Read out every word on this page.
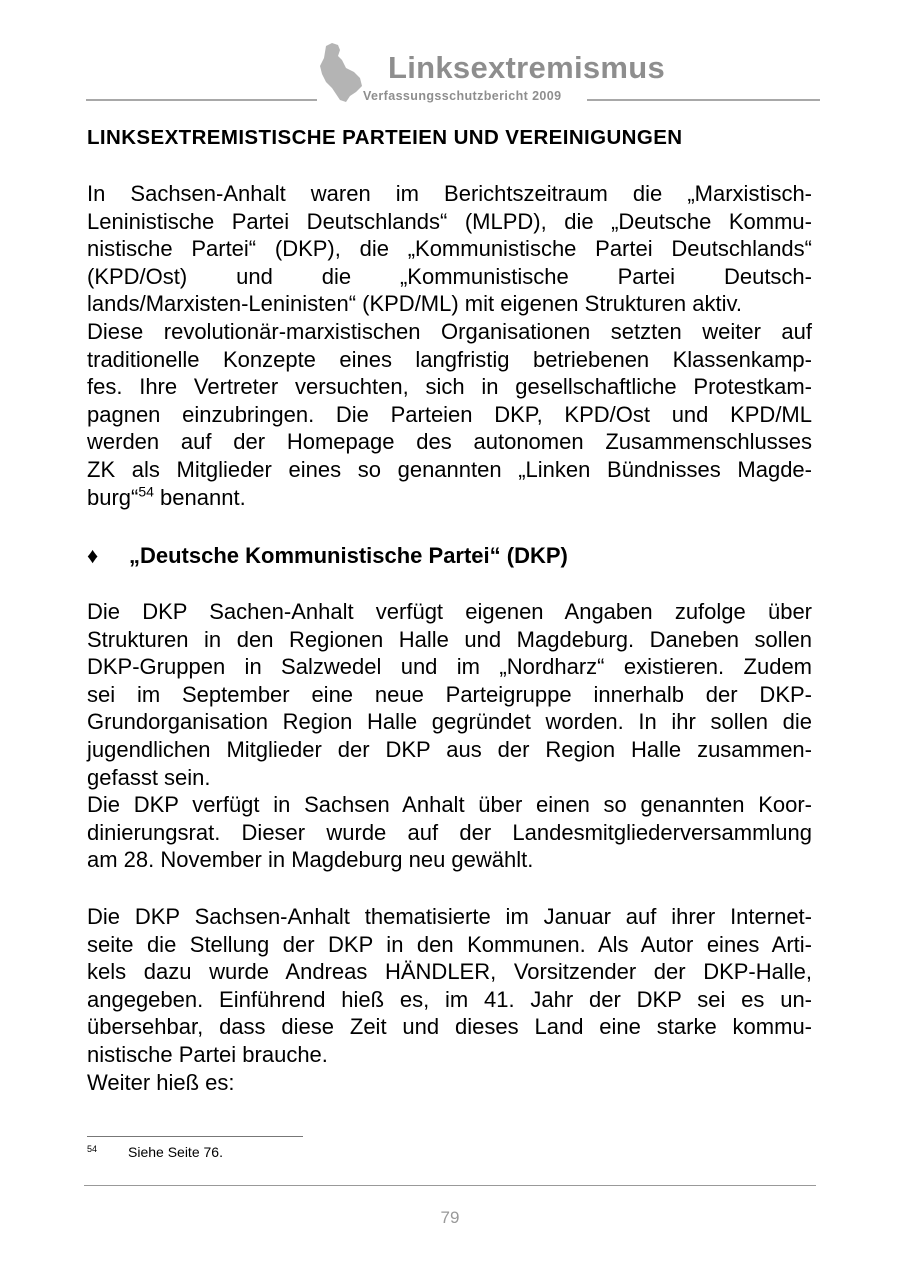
Linksextremismus
Verfassungsschutzbericht 2009
LINKSEXTREMISTISCHE PARTEIEN UND VEREINIGUNGEN
In Sachsen-Anhalt waren im Berichtszeitraum die „Marxistisch-
Leninistische Partei Deutschlands“ (MLPD), die „Deutsche Kommu-
nistische Partei“ (DKP), die „Kommunistische Partei Deutschlands“
(KPD/Ost) und die „Kommunistische Partei Deutsch-
lands/Marxisten-Leninisten“ (KPD/ML) mit eigenen Strukturen aktiv.
Diese revolutionär-marxistischen Organisationen setzten weiter auf
traditionelle Konzepte eines langfristig betriebenen Klassenkamp-
fes. Ihre Vertreter versuchten, sich in gesellschaftliche Protestkam-
pagnen einzubringen. Die Parteien DKP, KPD/Ost und KPD/ML
werden auf der Homepage des autonomen Zusammenschlusses
ZK als Mitglieder eines so genannten „Linken Bündnisses Magde-
burg“$^{54}$ benannt.
♦ „Deutsche Kommunistische Partei“ (DKP)
Die DKP Sachen-Anhalt verfügt eigenen Angaben zufolge über
Strukturen in den Regionen Halle und Magdeburg. Daneben sollen
DKP-Gruppen in Salzwedel und im „Nordharz“ existieren. Zudem
sei im September eine neue Parteigruppe innerhalb der DKP-
Grundorganisation Region Halle gegründet worden. In ihr sollen die
jugendlichen Mitglieder der DKP aus der Region Halle zusammen-
gefasst sein.
Die DKP verfügt in Sachsen Anhalt über einen so genannten Koor-
dinierungsrat. Dieser wurde auf der Landesmitgliederversammlung
am 28. November in Magdeburg neu gewählt.
Die DKP Sachsen-Anhalt thematisierte im Januar auf ihrer Internet-
seite die Stellung der DKP in den Kommunen. Als Autor eines Arti-
kels dazu wurde Andreas HÄNDLER, Vorsitzender der DKP-Halle,
angegeben. Einführend hieß es, im 41. Jahr der DKP sei es un-
übersehbar, dass diese Zeit und dieses Land eine starke kommu-
nistische Partei brauche.
Weiter hieß es:
54 Siehe Seite 76.
79
